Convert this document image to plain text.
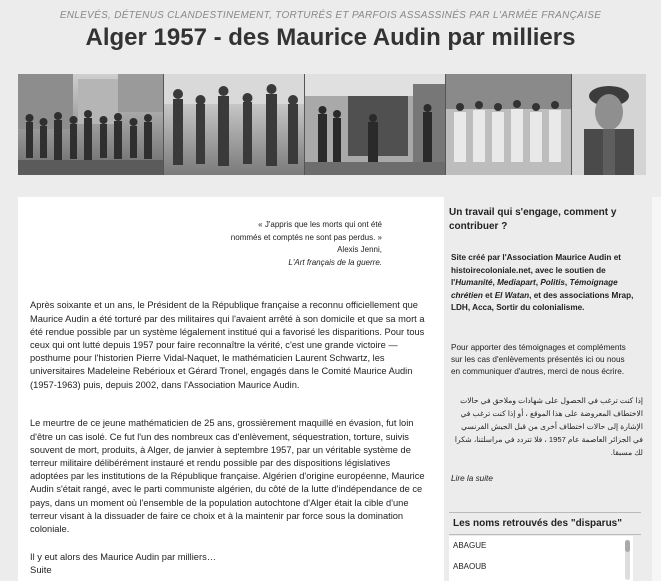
ENLEVÉS, DÉTENUS CLANDESTINEMENT, TORTURÉS ET PARFOIS ASSASSINÉS PAR L'ARMÉE FRANÇAISE
Alger 1957 - des Maurice Audin par milliers
« J'appris que les morts qui ont été
nommés et comptés ne sont pas perdus. »
Alexis Jenni,
L'Art français de la guerre.

Après soixante et un ans, le Président de la République française a reconnu officiellement que Maurice Audin a été torturé par des militaires qui l'avaient arrêté à son domicile et que sa mort a été rendue possible par un système légalement institué qui a favorisé les disparitions. Pour tous ceux qui ont lutté depuis 1957 pour faire reconnaître la vérité, c'est une grande victoire — posthume pour l'historien Pierre Vidal-Naquet, le mathématicien Laurent Schwartz, les universitaires Madeleine Rebérioux et Gérard Tronel, engagés dans le Comité Maurice Audin (1957-1963) puis, depuis 2002, dans l'Association Maurice Audin.

Le meurtre de ce jeune mathématicien de 25 ans, grossièrement maquillé en évasion, fut loin d'être un cas isolé. Ce fut l'un des nombreux cas d'enlèvement, séquestration, torture, suivis souvent de mort, produits, à Alger, de janvier à septembre 1957, par un véritable système de terreur militaire délibérément instauré et rendu possible par des dispositions législatives adoptées par les institutions de la République française. Algérien d'origine européenne, Maurice Audin s'était rangé, avec le parti communiste algérien, du côté de la lutte d'indépendance de ce pays, dans un moment où l'ensemble de la population autochtone d'Alger était la cible d'une terreur visant à la dissuader de faire ce choix et à la maintenir par force sous la domination coloniale.

Il y eut alors des Maurice Audin par milliers…

Suite
Un travail qui s'engage, comment y contribuer ?
Site créé par l'Association Maurice Audin et histoirecoloniale.net, avec le soutien de l'Humanité, Mediapart, Politis, Témoignage chrétien et El Watan, et des associations Mrap, LDH, Acca, Sortir du colonialisme.
Pour apporter des témoignages et compléments sur les cas d'enlèvements présentés ici ou nous en communiquer d'autres, merci de nous écrire.
إذا كنت ترغب في الحصول على شهادات وملاحق في حالات الاختطاف المعروضة على هذا الموقع ، أو إذا كنت ترغب في الإشارة إلى حالات اختطاف أخرى من قبل الجيش الفرنسي في الجزائر العاصمة عام 1957 ، فلا تتردد في مراسلتنا، شكرا لك مسبقا.
Lire la suite
Les noms retrouvés des "disparus"
ABAGUE
ABAOUB
